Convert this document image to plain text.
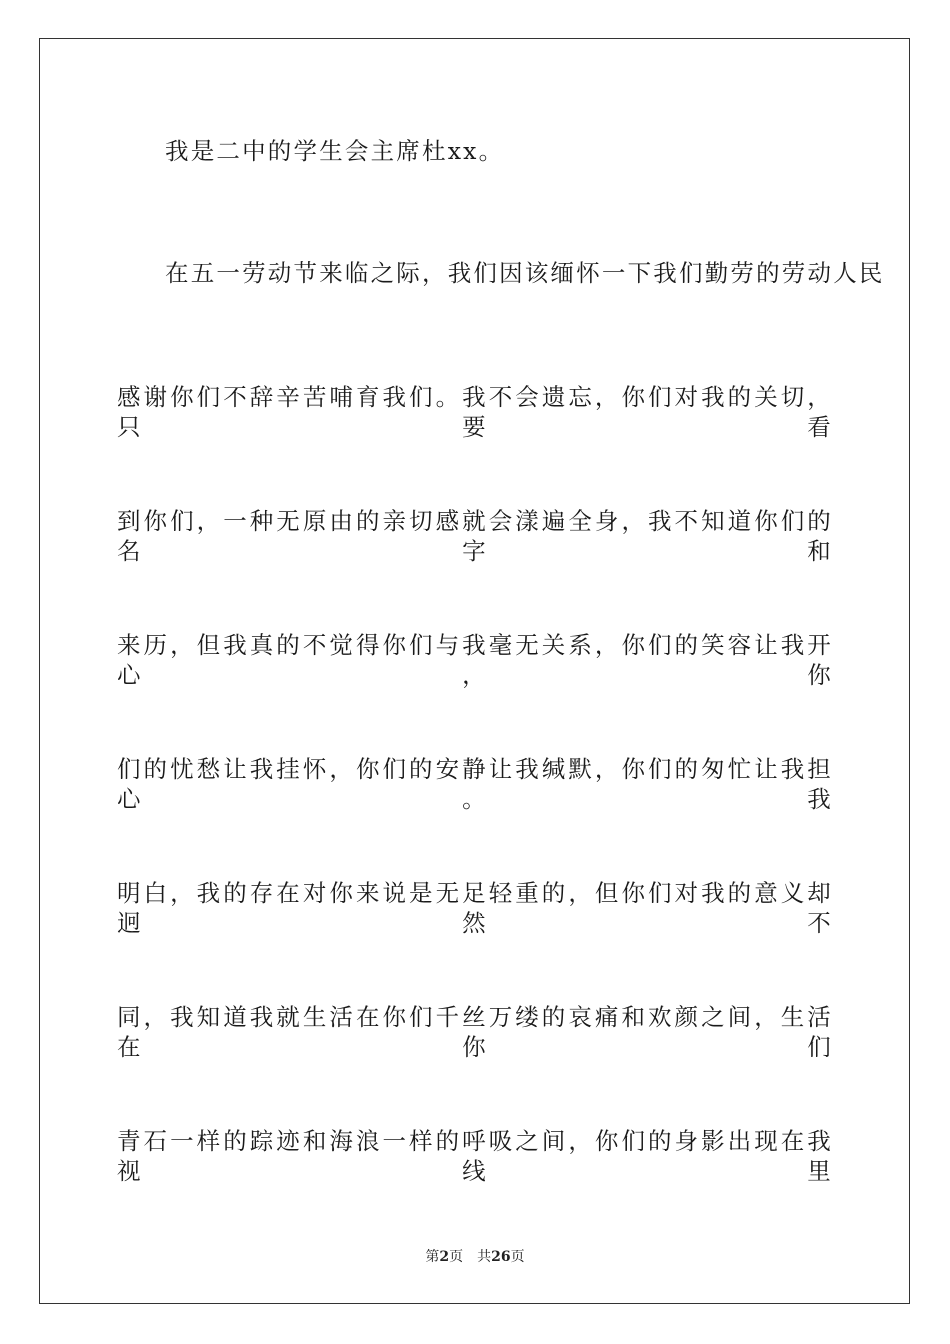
我是二中的学生会主席杜xx。

在五一劳动节来临之际，我们因该缅怀一下我们勤劳的劳动人民

感谢你们不辞辛苦哺育我们。我不会遗忘，你们对我的关切，只要看

到你们，一种无原由的亲切感就会漾遍全身，我不知道你们的名字和

来历，但我真的不觉得你们与我毫无关系，你们的笑容让我开心，你

们的忧愁让我挂怀，你们的安静让我缄默，你们的匆忙让我担心。我

明白，我的存在对你来说是无足轻重的，但你们对我的意义却迥然不

同，我知道我就生活在你们千丝万缕的哀痛和欢颜之间，生活在你们

青石一样的踪迹和海浪一样的呼吸之间，你们的身影出现在我视线里

第2页 共26页
